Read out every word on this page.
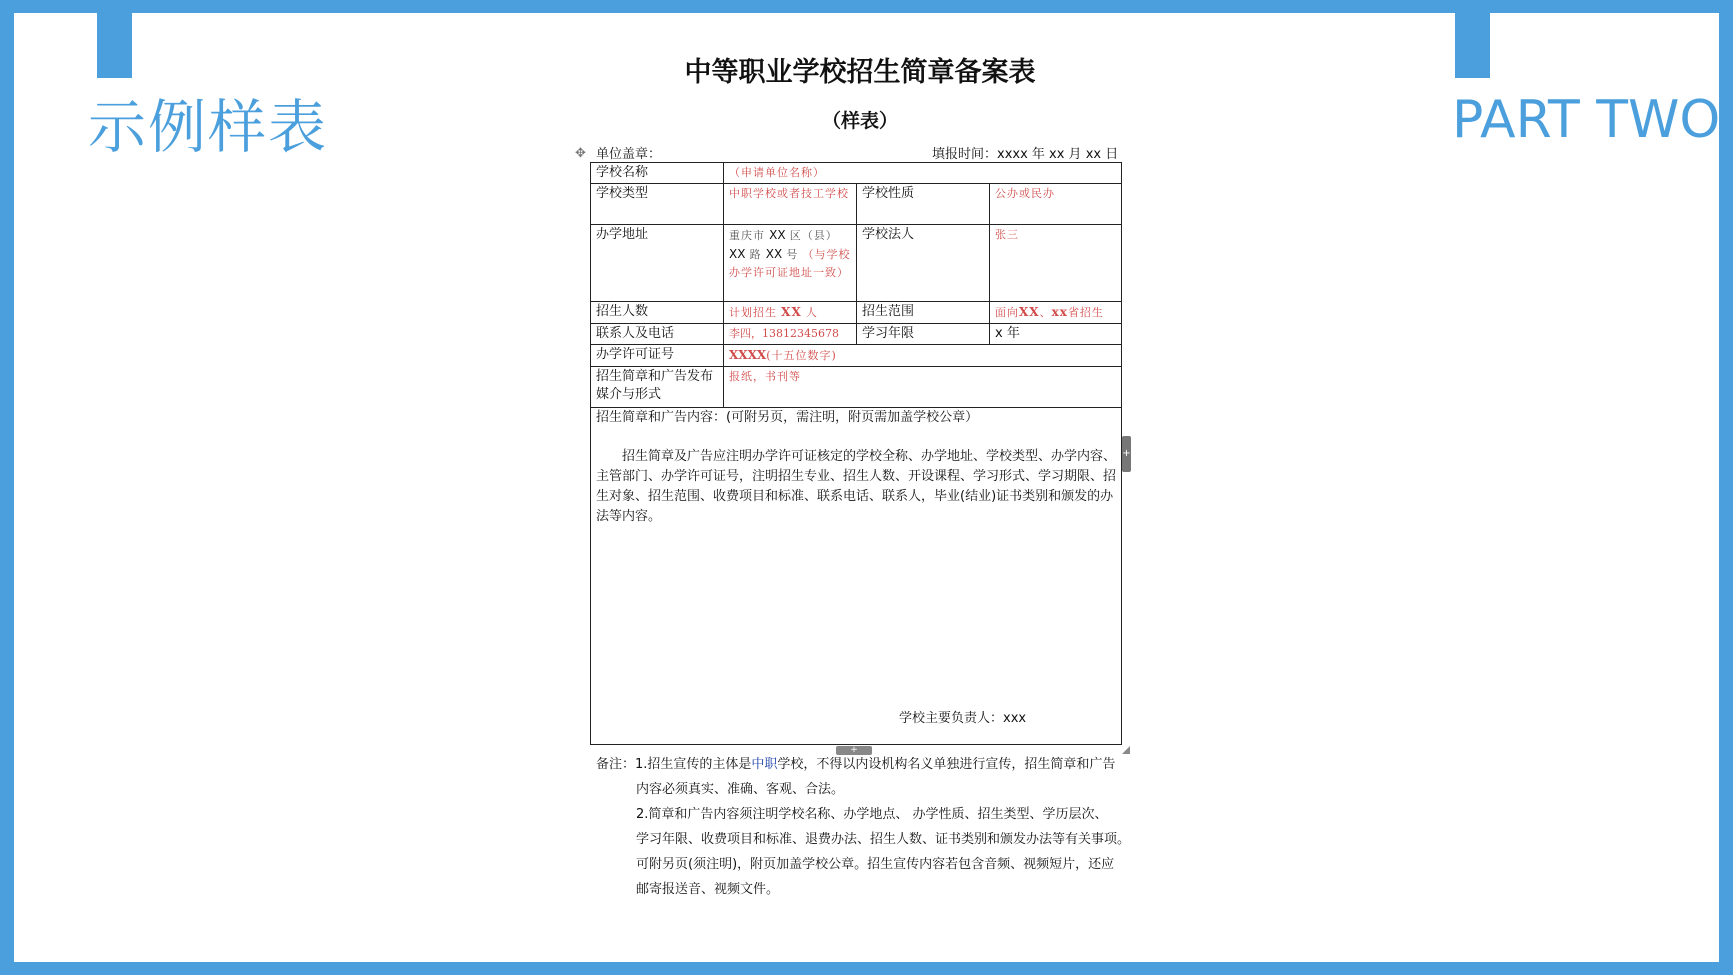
示例样表	PART TWO
中等职业学校招生简章备案表
（样表）
✥ 单位盖章：	填报时间：xxxx 年 xx 月 xx 日
学校名称	（申请单位名称）		
学校类型	中职学校或者技工学校	学校性质	公办或民办
办学地址	重庆市 XX 区（县） XX 路 XX 号 （与学校办学许可证地址一致）	学校法人	张三
招生人数	计划招生 XX 人	招生范围	面向XX、xx省招生
联系人及电话	李四，13812345678	学习年限	x 年
办学许可证号	XXXX(十五位数字)		
招生简章和广告发布媒介与形式	报纸，书刊等		

招生简章和广告内容：(可附另页，需注明，附页需加盖学校公章）
招生简章及广告应注明办学许可证核定的学校全称、办学地址、学校类型、办学内容、主管部门、办学许可证号，注明招生专业、招生人数、开设课程、学习形式、学习期限、招生对象、招生范围、收费项目和标准、联系电话、联系人，毕业(结业)证书类别和颁发的办法等内容。
学校主要负责人：xxx			
+
+
备注：1.招生宣传的主体是中职学校，不得以内设机构名义单独进行宣传，招生简章和广告
内容必须真实、准确、客观、合法。
2.简章和广告内容须注明学校名称、办学地点、 办学性质、招生类型、学历层次、
学习年限、收费项目和标准、退费办法、招生人数、证书类别和颁发办法等有关事项。
可附另页(须注明)，附页加盖学校公章。招生宣传内容若包含音频、视频短片，还应
邮寄报送音、视频文件。
